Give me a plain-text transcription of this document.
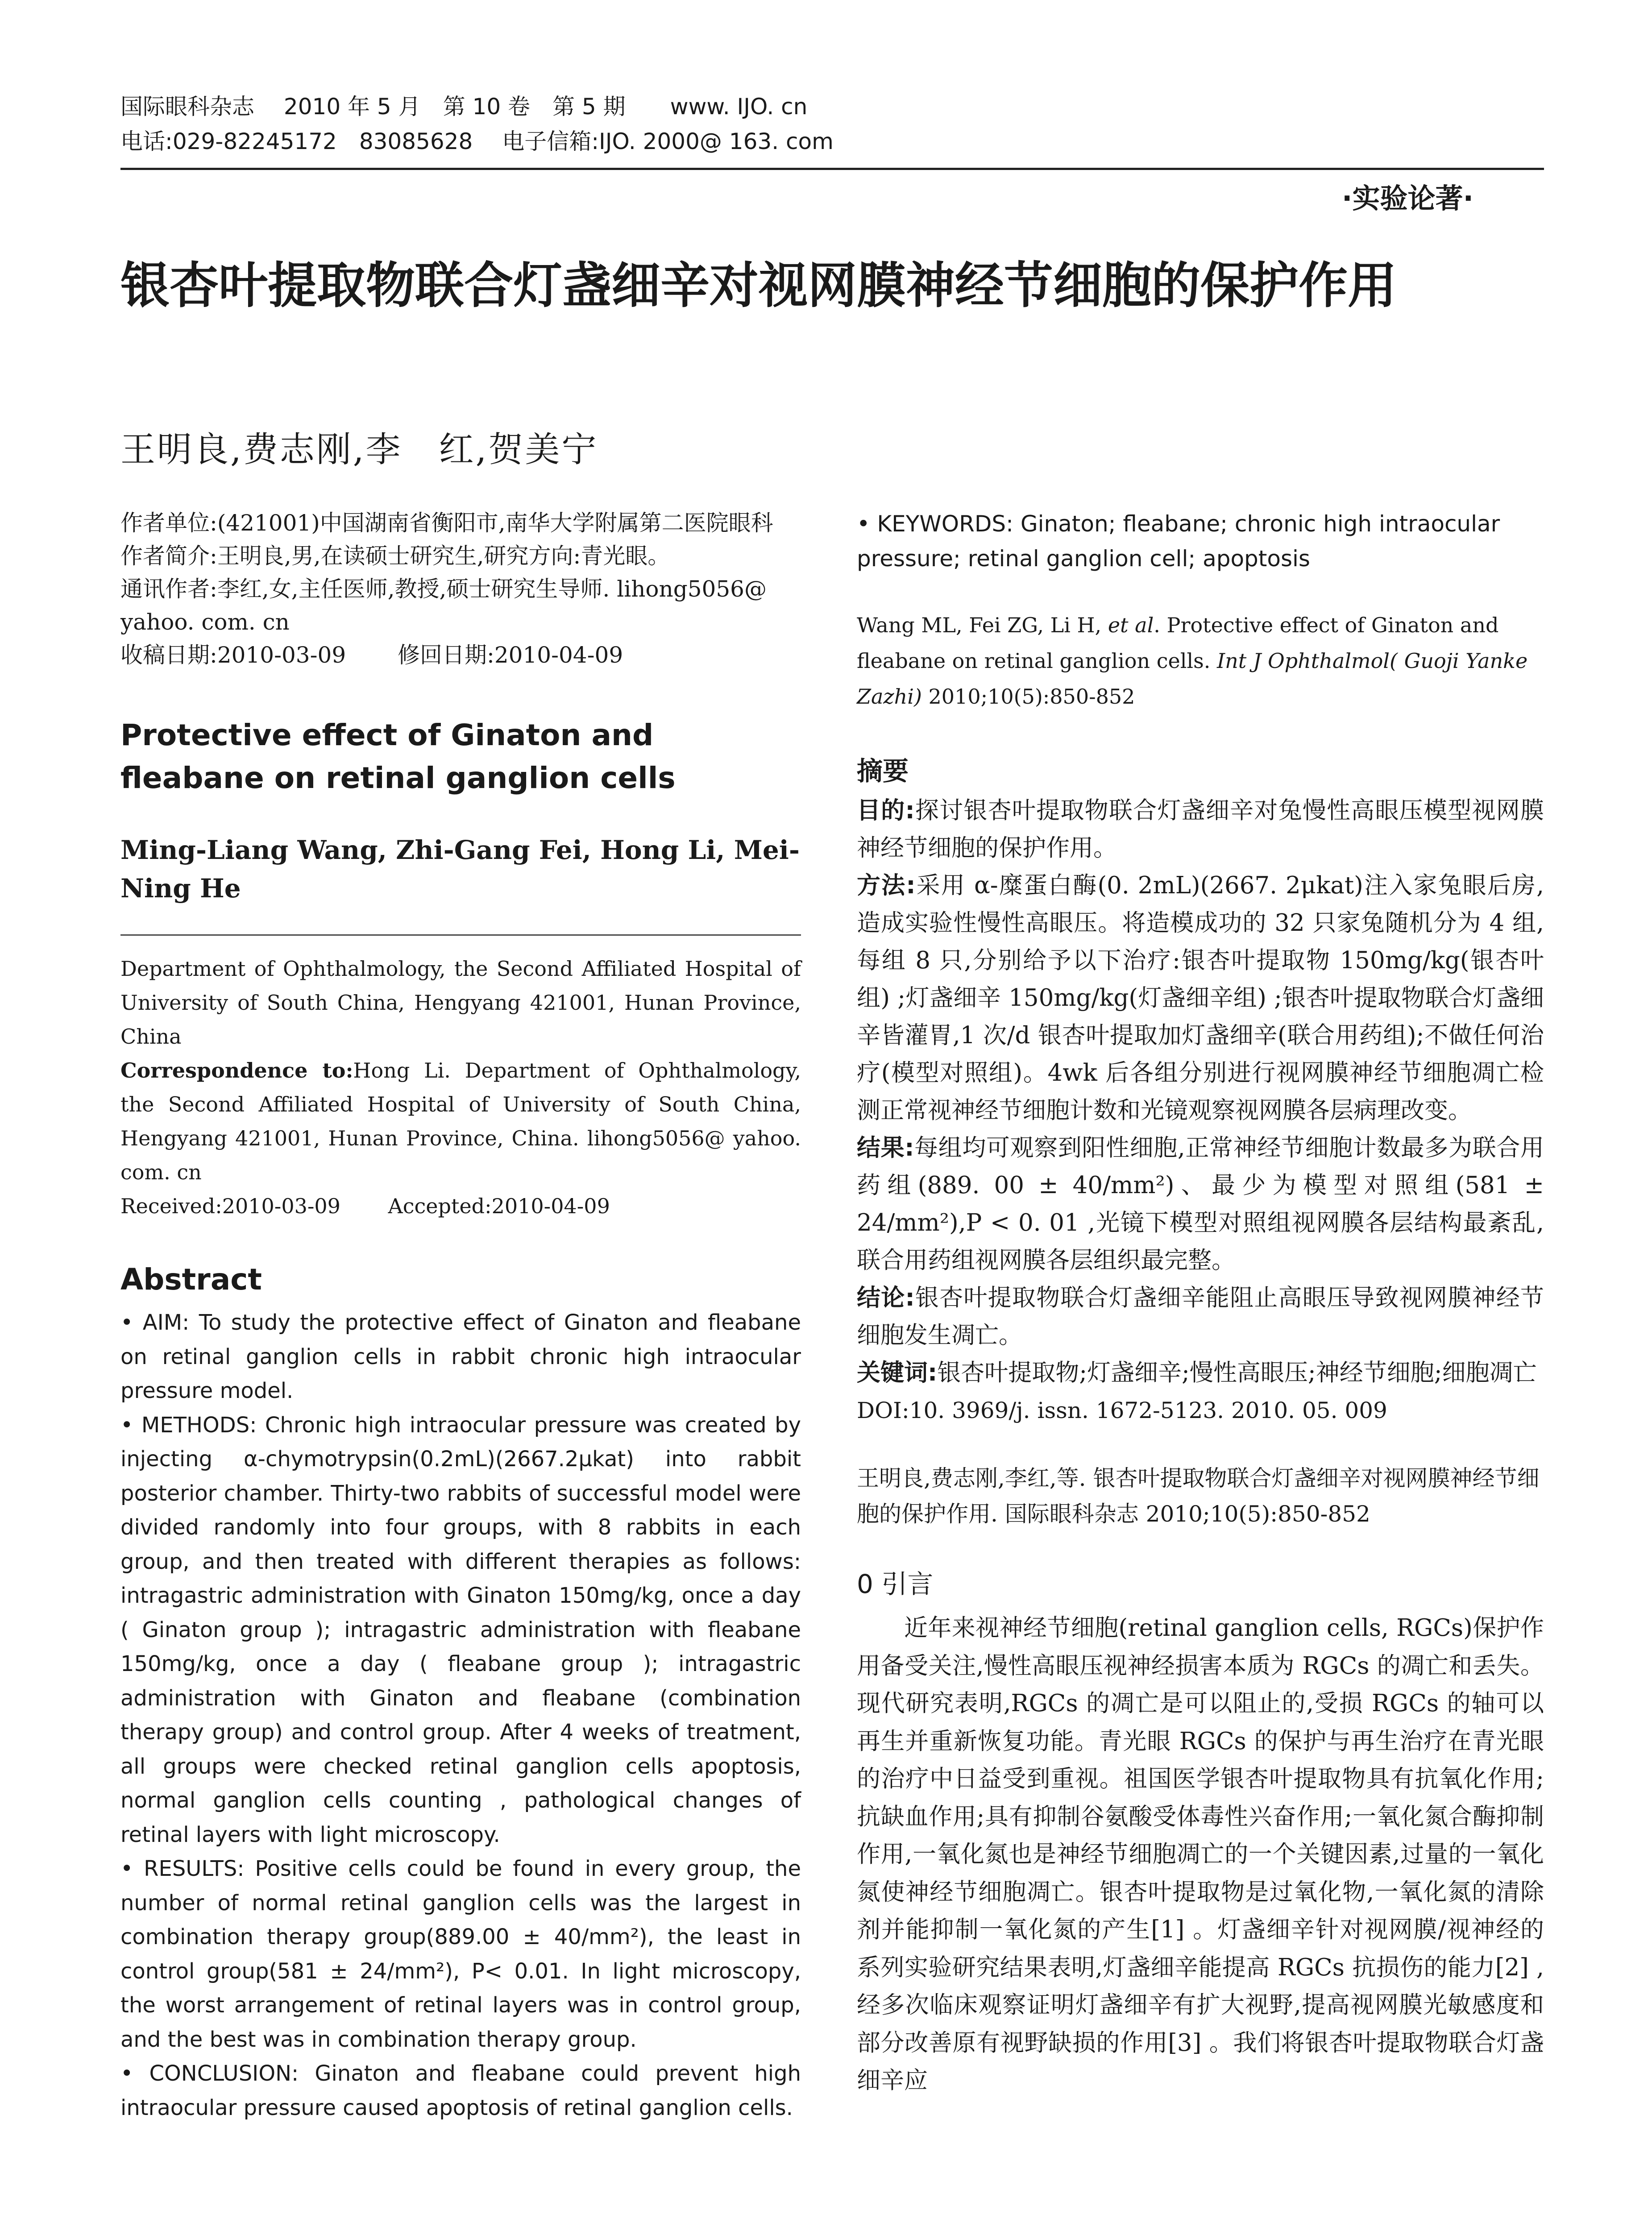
国际眼科杂志　 2010 年 5 月　第 10 卷　第 5 期　　www. IJO. cn
电话:029-82245172　83085628　 电子信箱:IJO. 2000@ 163. com
·实验论著·
银杏叶提取物联合灯盏细辛对视网膜神经节细胞的保护作用
王明良,费志刚,李　红,贺美宁

作者单位:(421001)中国湖南省衡阳市,南华大学附属第二医院眼科

作者简介:王明良,男,在读硕士研究生,研究方向:青光眼。

通讯作者:李红,女,主任医师,教授,硕士研究生导师. lihong5056@ yahoo. com. cn

收稿日期:2010-03-09　　 修回日期:2010-04-09

Protective effect of Ginaton and fleabane on retinal ganglion cells
Ming-Liang Wang, Zhi-Gang Fei, Hong Li, Mei-Ning He

Department of Ophthalmology, the Second Affiliated Hospital of University of South China, Hengyang 421001, Hunan Province, China

Correspondence to:Hong Li. Department of Ophthalmology, the Second Affiliated Hospital of University of South China, Hengyang 421001, Hunan Province, China. lihong5056@ yahoo. com. cn

Received:2010-03-09　　 Accepted:2010-04-09

Abstract

• AIM: To study the protective effect of Ginaton and fleabane on retinal ganglion cells in rabbit chronic high intraocular pressure model.

• METHODS: Chronic high intraocular pressure was created by injecting α-chymotrypsin(0.2mL)(2667.2μkat) into rabbit posterior chamber. Thirty-two rabbits of successful model were divided randomly into four groups, with 8 rabbits in each group, and then treated with different therapies as follows: intragastric administration with Ginaton 150mg/kg, once a day ( Ginaton group ); intragastric administration with fleabane 150mg/kg, once a day ( fleabane group ); intragastric administration with Ginaton and fleabane (combination therapy group) and control group. After 4 weeks of treatment, all groups were checked retinal ganglion cells apoptosis, normal ganglion cells counting , pathological changes of retinal layers with light microscopy.

• RESULTS: Positive cells could be found in every group, the number of normal retinal ganglion cells was the largest in combination therapy group(889.00 ± 40/mm²), the least in control group(581 ± 24/mm²), P< 0.01. In light microscopy, the worst arrangement of retinal layers was in control group, and the best was in combination therapy group.

• CONCLUSION: Ginaton and fleabane could prevent high intraocular pressure caused apoptosis of retinal ganglion cells.

• KEYWORDS: Ginaton; fleabane; chronic high intraocular pressure; retinal ganglion cell; apoptosis
Wang ML, Fei ZG, Li H, et al. Protective effect of Ginaton and fleabane on retinal ganglion cells. Int J Ophthalmol( Guoji Yanke Zazhi) 2010;10(5):850-852
摘要

目的:探讨银杏叶提取物联合灯盏细辛对兔慢性高眼压模型视网膜神经节细胞的保护作用。

方法:采用 α-糜蛋白酶(0. 2mL)(2667. 2μkat)注入家兔眼后房,造成实验性慢性高眼压。将造模成功的 32 只家兔随机分为 4 组,每组 8 只,分别给予以下治疗:银杏叶提取物 150mg/kg(银杏叶组) ;灯盏细辛 150mg/kg(灯盏细辛组) ;银杏叶提取物联合灯盏细辛皆灌胃,1 次/d 银杏叶提取加灯盏细辛(联合用药组);不做任何治疗(模型对照组)。4wk 后各组分别进行视网膜神经节细胞凋亡检测正常视神经节细胞计数和光镜观察视网膜各层病理改变。

结果:每组均可观察到阳性细胞,正常神经节细胞计数最多为联合用药组(889. 00 ± 40/mm²)、最少为模型对照组(581 ± 24/mm²),P < 0. 01 ,光镜下模型对照组视网膜各层结构最紊乱,联合用药组视网膜各层组织最完整。

结论:银杏叶提取物联合灯盏细辛能阻止高眼压导致视网膜神经节细胞发生凋亡。

关键词:银杏叶提取物;灯盏细辛;慢性高眼压;神经节细胞;细胞凋亡

DOI:10. 3969/j. issn. 1672-5123. 2010. 05. 009

王明良,费志刚,李红,等. 银杏叶提取物联合灯盏细辛对视网膜神经节细胞的保护作用. 国际眼科杂志 2010;10(5):850-852
0 引言
近年来视神经节细胞(retinal ganglion cells, RGCs)保护作用备受关注,慢性高眼压视神经损害本质为 RGCs 的凋亡和丢失。现代研究表明,RGCs 的凋亡是可以阻止的,受损 RGCs 的轴可以再生并重新恢复功能。青光眼 RGCs 的保护与再生治疗在青光眼的治疗中日益受到重视。祖国医学银杏叶提取物具有抗氧化作用;抗缺血作用;具有抑制谷氨酸受体毒性兴奋作用;一氧化氮合酶抑制作用,一氧化氮也是神经节细胞凋亡的一个关键因素,过量的一氧化氮使神经节细胞凋亡。银杏叶提取物是过氧化物,一氧化氮的清除剂并能抑制一氧化氮的产生[1] 。灯盏细辛针对视网膜/视神经的系列实验研究结果表明,灯盏细辛能提高 RGCs 抗损伤的能力[2] ,经多次临床观察证明灯盏细辛有扩大视野,提高视网膜光敏感度和部分改善原有视野缺损的作用[3] 。我们将银杏叶提取物联合灯盏细辛应
